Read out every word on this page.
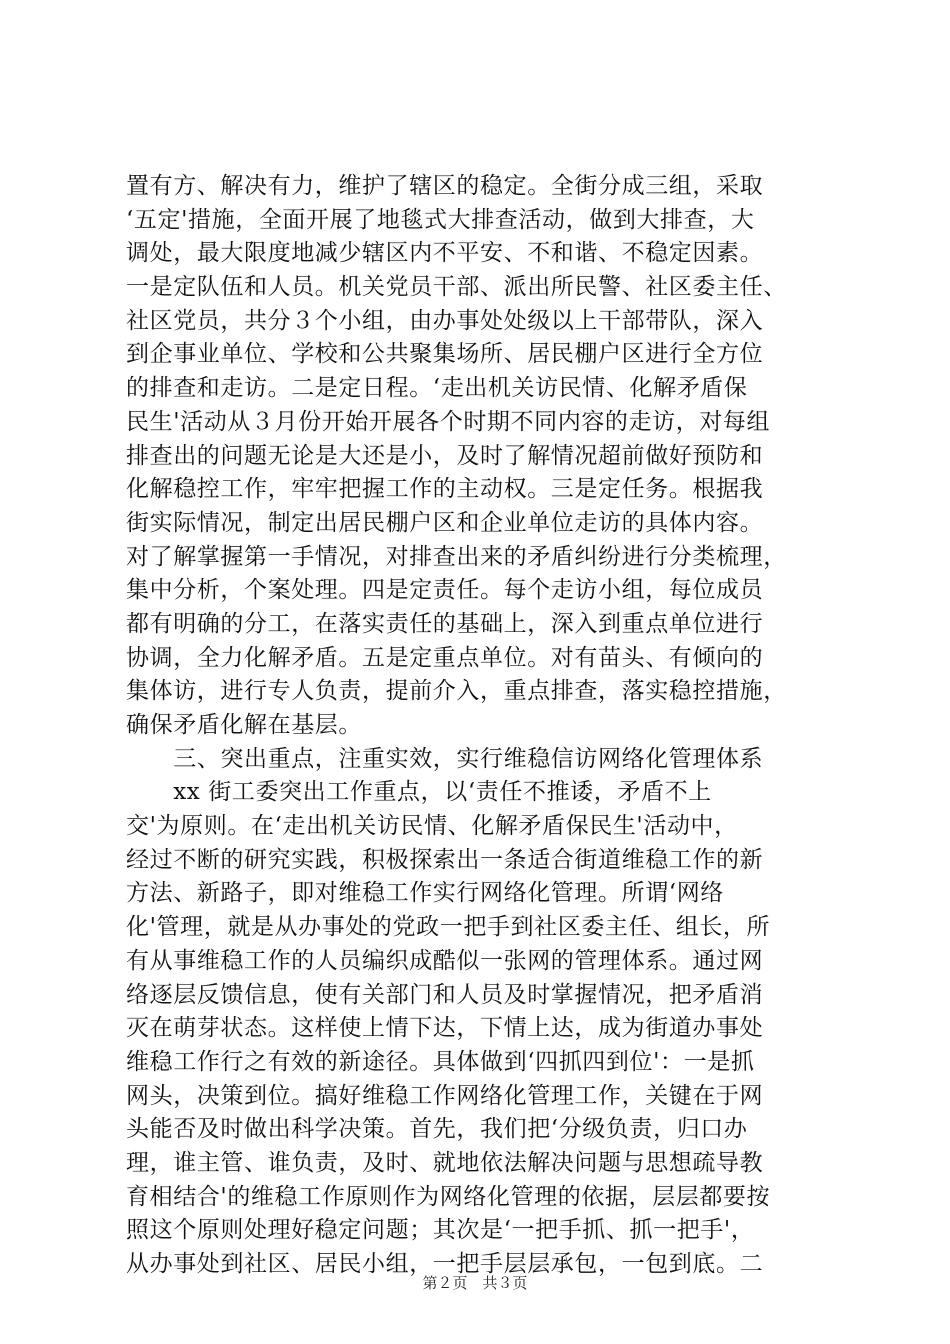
置有方、解决有力，维护了辖区的稳定。全街分成三组，采取
‘五定'措施，全面开展了地毯式大排查活动，做到大排查，大
调处，最大限度地减少辖区内不平安、不和谐、不稳定因素。
一是定队伍和人员。机关党员干部、派出所民警、社区委主任、
社区党员，共分３个小组，由办事处处级以上干部带队，深入
到企事业单位、学校和公共聚集场所、居民棚户区进行全方位
的排查和走访。二是定日程。‘走出机关访民情、化解矛盾保
民生'活动从３月份开始开展各个时期不同内容的走访，对每组
排查出的问题无论是大还是小，及时了解情况超前做好预防和
化解稳控工作，牢牢把握工作的主动权。三是定任务。根据我
街实际情况，制定出居民棚户区和企业单位走访的具体内容。
对了解掌握第一手情况，对排查出来的矛盾纠纷进行分类梳理，
集中分析，个案处理。四是定责任。每个走访小组，每位成员
都有明确的分工，在落实责任的基础上，深入到重点单位进行
协调，全力化解矛盾。五是定重点单位。对有苗头、有倾向的
集体访，进行专人负责，提前介入，重点排查，落实稳控措施，
确保矛盾化解在基层。
　　三、突出重点，注重实效，实行维稳信访网络化管理体系
　　xx 街工委突出工作重点，以‘责任不推诿，矛盾不上
交'为原则。在‘走出机关访民情、化解矛盾保民生'活动中，
经过不断的研究实践，积极探索出一条适合街道维稳工作的新
方法、新路子，即对维稳工作实行网络化管理。所谓‘网络
化'管理，就是从办事处的党政一把手到社区委主任、组长，所
有从事维稳工作的人员编织成酷似一张网的管理体系。通过网
络逐层反馈信息，使有关部门和人员及时掌握情况，把矛盾消
灭在萌芽状态。这样使上情下达，下情上达，成为街道办事处
维稳工作行之有效的新途径。具体做到‘四抓四到位'：一是抓
网头，决策到位。搞好维稳工作网络化管理工作，关键在于网
头能否及时做出科学决策。首先，我们把‘分级负责，归口办
理，谁主管、谁负责，及时、就地依法解决问题与思想疏导教
育相结合'的维稳工作原则作为网络化管理的依据，层层都要按
照这个原则处理好稳定问题；其次是‘一把手抓、抓一把手'，
从办事处到社区、居民小组，一把手层层承包，一包到底。二
第２页　共３页
